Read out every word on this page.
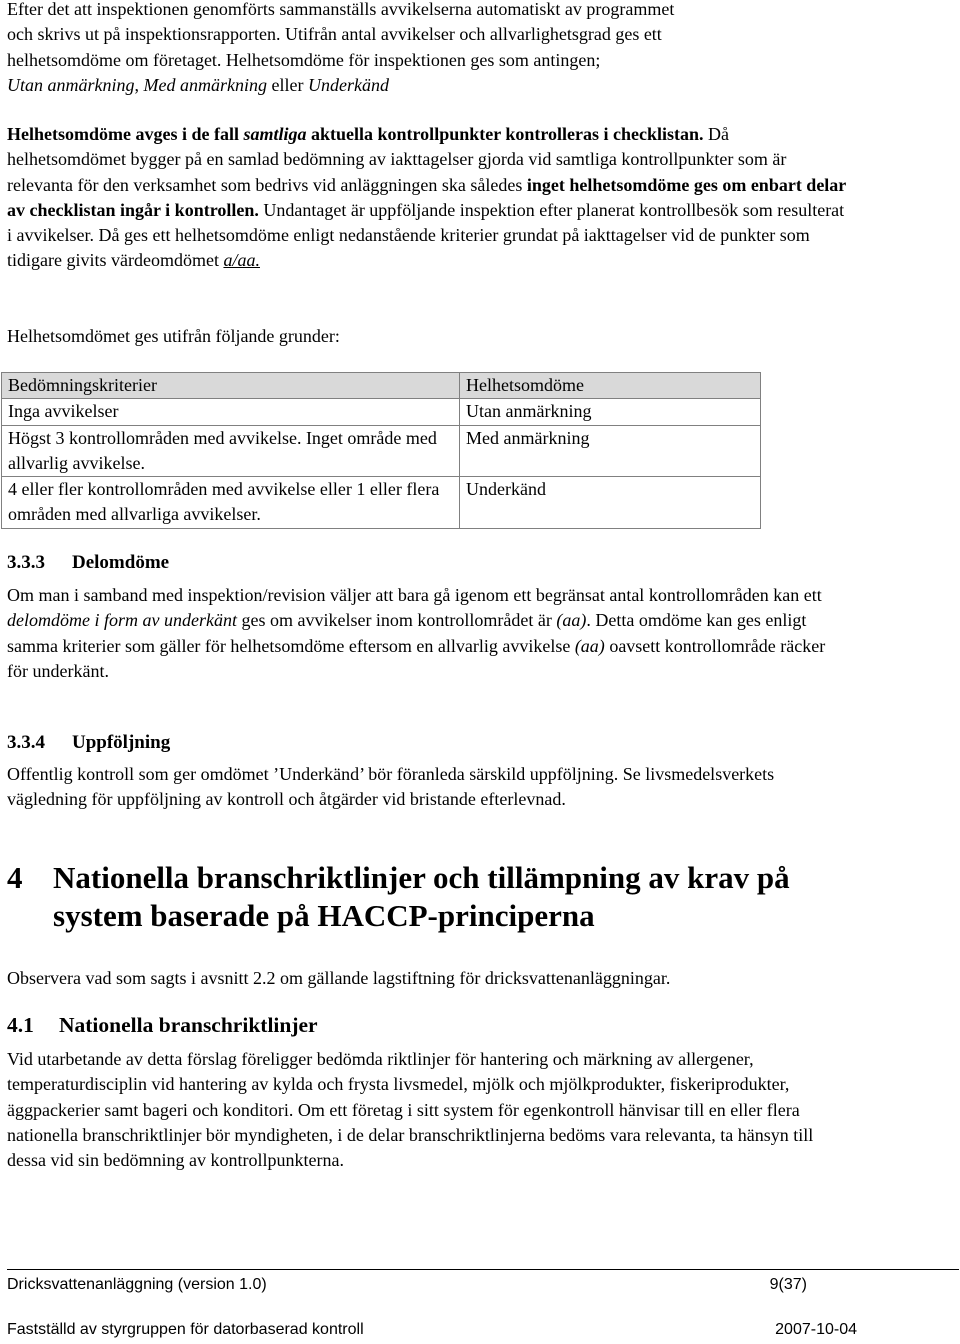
Efter det att inspektionen genomförts sammanställs avvikelserna automatiskt av programmet

och skrivs ut på inspektionsrapporten. Utifrån antal avvikelser och allvarlighetsgrad ges ett

helhetsomdöme om företaget. Helhetsomdöme för inspektionen ges som antingen;

Utan anmärkning, Med anmärkning eller Underkänd

Helhetsomdöme avges i de fall samtliga aktuella kontrollpunkter kontrolleras i checklistan. Då helhetsomdömet bygger på en samlad bedömning av iakttagelser gjorda vid samtliga kontrollpunkter som är relevanta för den verksamhet som bedrivs vid anläggningen ska således inget helhetsomdöme ges om enbart delar av checklistan ingår i kontrollen. Undantaget är uppföljande inspektion efter planerat kontrollbesök som resulterat i avvikelser. Då ges ett helhetsomdöme enligt nedanstående kriterier grundat på iakttagelser vid de punkter som tidigare givits värdeomdömet a/aa.

Helhetsomdömet ges utifrån följande grunder:

Bedömningskriterier	Helhetsomdöme
Inga avvikelser	Utan anmärkning
Högst 3 kontrollområden med avvikelse. Inget område med allvarlig avvikelse.	Med anmärkning
4 eller fler kontrollområden med avvikelse eller 1 eller flera områden med allvarliga avvikelser.	Underkänd
3.3.3 Delomdöme

Om man i samband med inspektion/revision väljer att bara gå igenom ett begränsat antal kontrollområden kan ett delomdöme i form av underkänt ges om avvikelser inom kontrollområdet är (aa). Detta omdöme kan ges enligt samma kriterier som gäller för helhetsomdöme eftersom en allvarlig avvikelse (aa) oavsett kontrollområde räcker för underkänt.

3.3.4 Uppföljning

Offentlig kontroll som ger omdömet ’Underkänd’ bör föranleda särskild uppföljning. Se livsmedelsverkets vägledning för uppföljning av kontroll och åtgärder vid bristande efterlevnad.

4 Nationella branschriktlinjer och tillämpning av krav på
system baserade på HACCP-principerna

Observera vad som sagts i avsnitt 2.2 om gällande lagstiftning för dricksvattenanläggningar.

4.1 Nationella branschriktlinjer

Vid utarbetande av detta förslag föreligger bedömda riktlinjer för hantering och märkning av allergener, temperaturdisciplin vid hantering av kylda och frysta livsmedel, mjölk och mjölkprodukter, fiskeriprodukter, äggpackerier samt bageri och konditori. Om ett företag i sitt system för egenkontroll hänvisar till en eller flera nationella branschriktlinjer bör myndigheten, i de delar branschriktlinjerna bedöms vara relevanta, ta hänsyn till dessa vid sin bedömning av kontrollpunkterna.

Dricksvattenanläggning (version 1.0)	9(37)
Fastställd av styrgruppen för datorbaserad kontroll	2007-10-04
